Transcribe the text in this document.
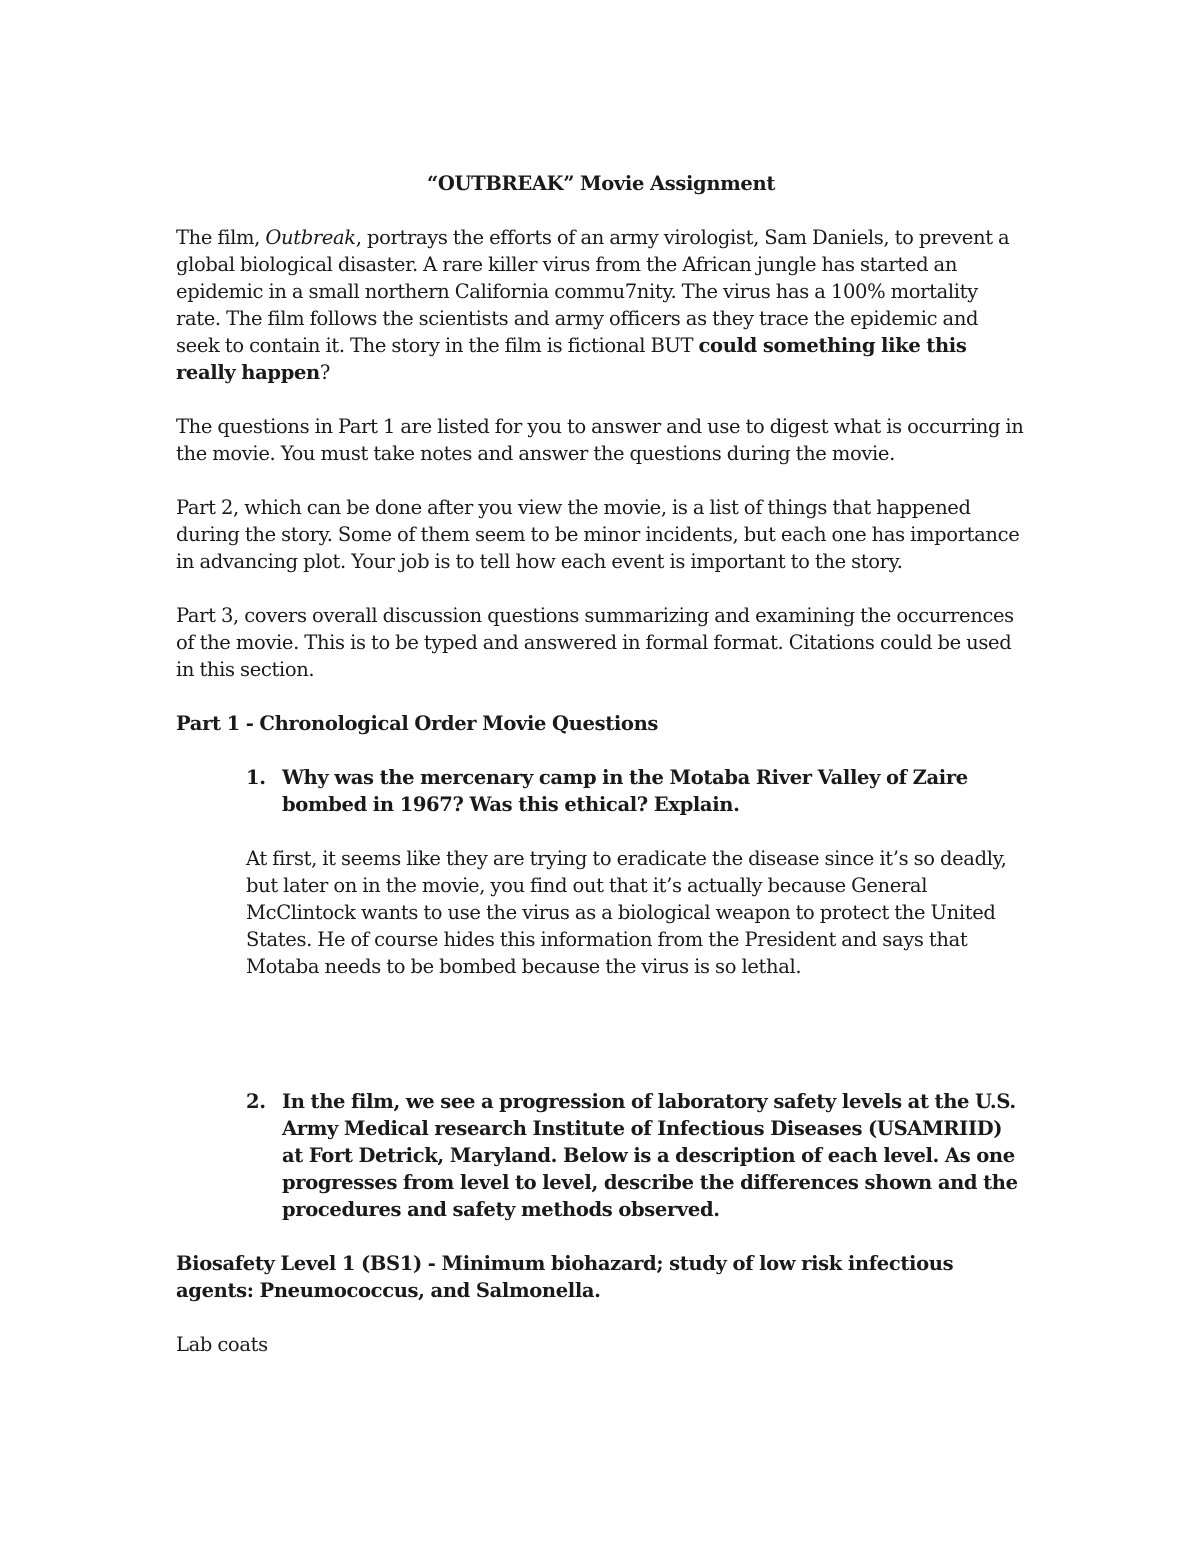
“OUTBREAK” Movie Assignment

The film, Outbreak, portrays the efforts of an army virologist, Sam Daniels, to prevent a global biological disaster. A rare killer virus from the African jungle has started an epidemic in a small northern California commu7nity. The virus has a 100% mortality rate. The film follows the scientists and army officers as they trace the epidemic and seek to contain it. The story in the film is fictional BUT could something like this really happen?

The questions in Part 1 are listed for you to answer and use to digest what is occurring in the movie. You must take notes and answer the questions during the movie.

Part 2, which can be done after you view the movie, is a list of things that happened during the story. Some of them seem to be minor incidents, but each one has importance in advancing plot. Your job is to tell how each event is important to the story.

Part 3, covers overall discussion questions summarizing and examining the occurrences of the movie. This is to be typed and answered in formal format. Citations could be used in this section.

Part 1 - Chronological Order Movie Questions

1. Why was the mercenary camp in the Motaba River Valley of Zaire bombed in 1967? Was this ethical? Explain.

At first, it seems like they are trying to eradicate the disease since it’s so deadly, but later on in the movie, you find out that it’s actually because General McClintock wants to use the virus as a biological weapon to protect the United States. He of course hides this information from the President and says that Motaba needs to be bombed because the virus is so lethal.

2. In the film, we see a progression of laboratory safety levels at the U.S. Army Medical research Institute of Infectious Diseases (USAMRIID) at Fort Detrick, Maryland. Below is a description of each level. As one progresses from level to level, describe the differences shown and the procedures and safety methods observed.

Biosafety Level 1 (BS1) - Minimum biohazard; study of low risk infectious agents: Pneumococcus, and Salmonella.

Lab coats
